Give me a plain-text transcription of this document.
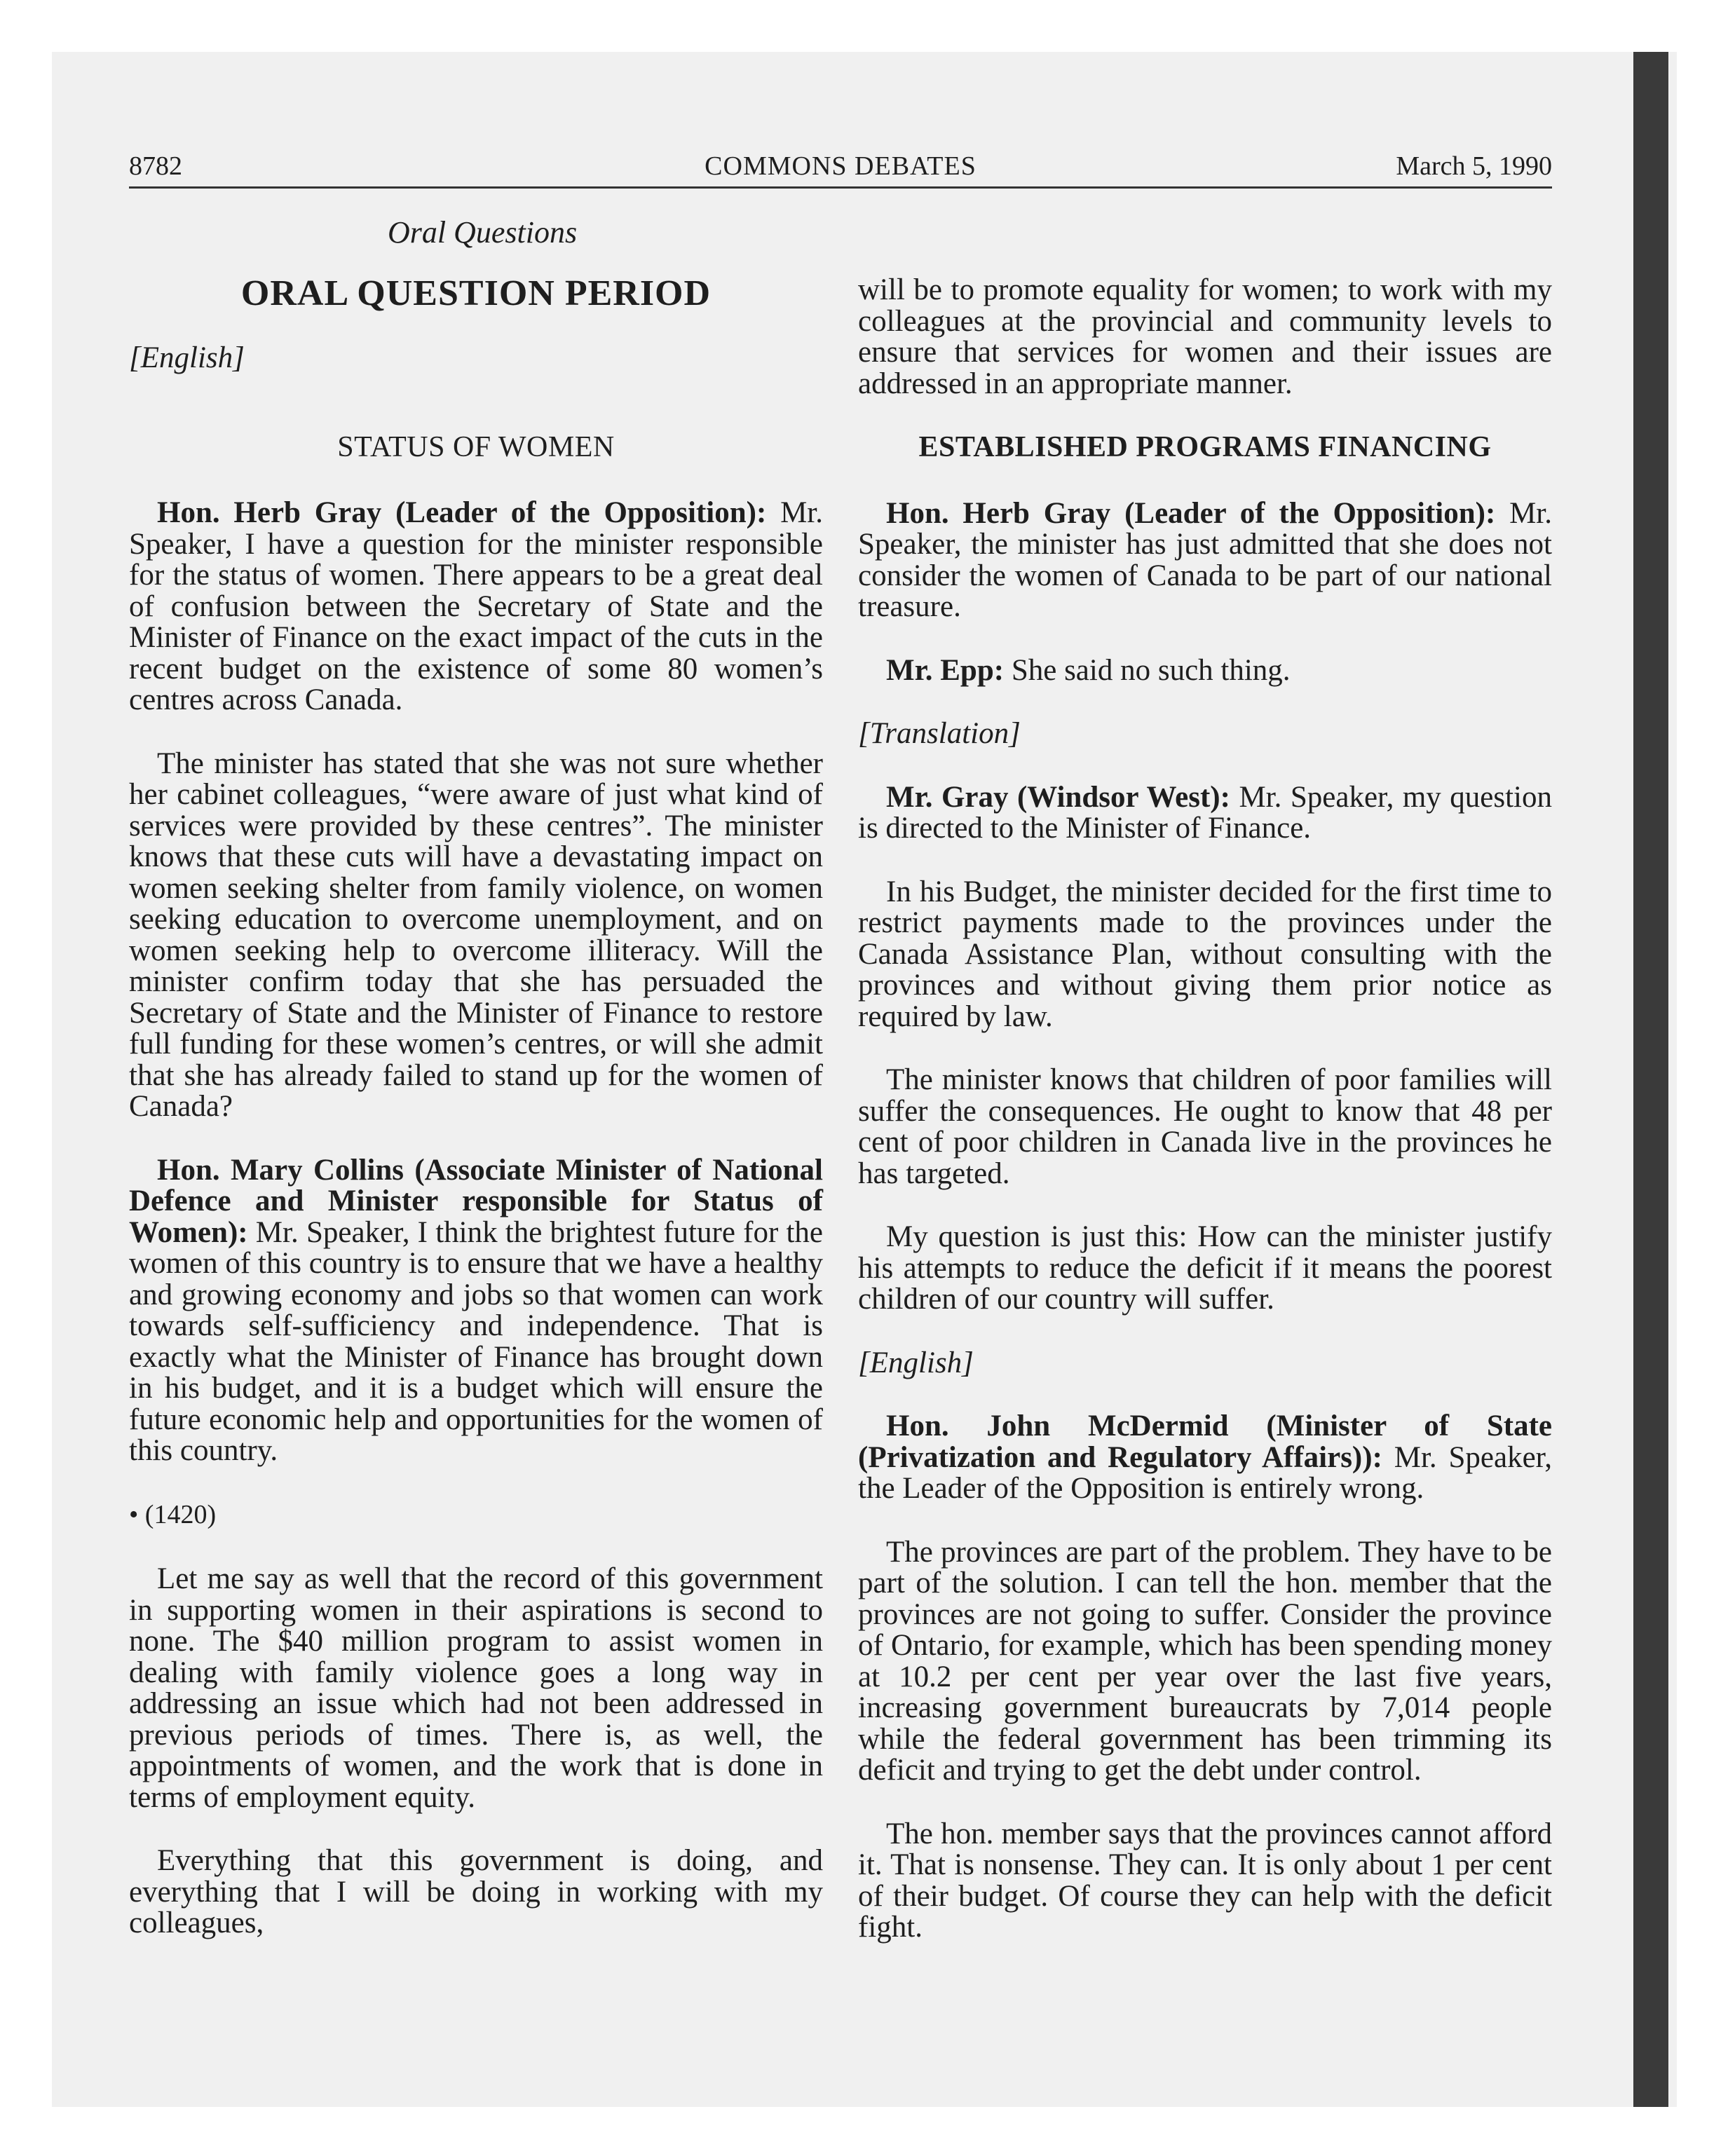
8782	COMMONS DEBATES	March 5, 1990
Oral Questions
ORAL QUESTION PERIOD
[English]
STATUS OF WOMEN

Hon. Herb Gray (Leader of the Opposition): Mr. Speaker, I have a question for the minister responsible for the status of women. There appears to be a great deal of confusion between the Secretary of State and the Minister of Finance on the exact impact of the cuts in the recent budget on the existence of some 80 women’s centres across Canada.

The minister has stated that she was not sure whether her cabinet colleagues, “were aware of just what kind of services were provided by these centres”. The minister knows that these cuts will have a devastating impact on women seeking shelter from family violence, on women seeking education to overcome unemployment, and on women seeking help to overcome illiteracy. Will the minister confirm today that she has persuaded the Secretary of State and the Minister of Finance to restore full funding for these women’s centres, or will she admit that she has already failed to stand up for the women of Canada?

Hon. Mary Collins (Associate Minister of National Defence and Minister responsible for Status of Women): Mr. Speaker, I think the brightest future for the women of this country is to ensure that we have a healthy and growing economy and jobs so that women can work towards self-sufficiency and independence. That is exactly what the Minister of Finance has brought down in his budget, and it is a budget which will ensure the future economic help and opportunities for the women of this country.

• (1420)

Let me say as well that the record of this government in supporting women in their aspirations is second to none. The $40 million program to assist women in dealing with family violence goes a long way in addressing an issue which had not been addressed in previous periods of times. There is, as well, the appointments of women, and the work that is done in terms of employment equity.

Everything that this government is doing, and everything that I will be doing in working with my colleagues,

will be to promote equality for women; to work with my colleagues at the provincial and community levels to ensure that services for women and their issues are addressed in an appropriate manner.

ESTABLISHED PROGRAMS FINANCING

Hon. Herb Gray (Leader of the Opposition): Mr. Speaker, the minister has just admitted that she does not consider the women of Canada to be part of our national treasure.

Mr. Epp: She said no such thing.

[Translation]

Mr. Gray (Windsor West): Mr. Speaker, my question is directed to the Minister of Finance.

In his Budget, the minister decided for the first time to restrict payments made to the provinces under the Canada Assistance Plan, without consulting with the provinces and without giving them prior notice as required by law.

The minister knows that children of poor families will suffer the consequences. He ought to know that 48 per cent of poor children in Canada live in the provinces he has targeted.

My question is just this: How can the minister justify his attempts to reduce the deficit if it means the poorest children of our country will suffer.

[English]

Hon. John McDermid (Minister of State (Privatization and Regulatory Affairs)): Mr. Speaker, the Leader of the Opposition is entirely wrong.

The provinces are part of the problem. They have to be part of the solution. I can tell the hon. member that the provinces are not going to suffer. Consider the province of Ontario, for example, which has been spending money at 10.2 per cent per year over the last five years, increasing government bureaucrats by 7,014 people while the federal government has been trimming its deficit and trying to get the debt under control.

The hon. member says that the provinces cannot afford it. That is nonsense. They can. It is only about 1 per cent of their budget. Of course they can help with the deficit fight.
